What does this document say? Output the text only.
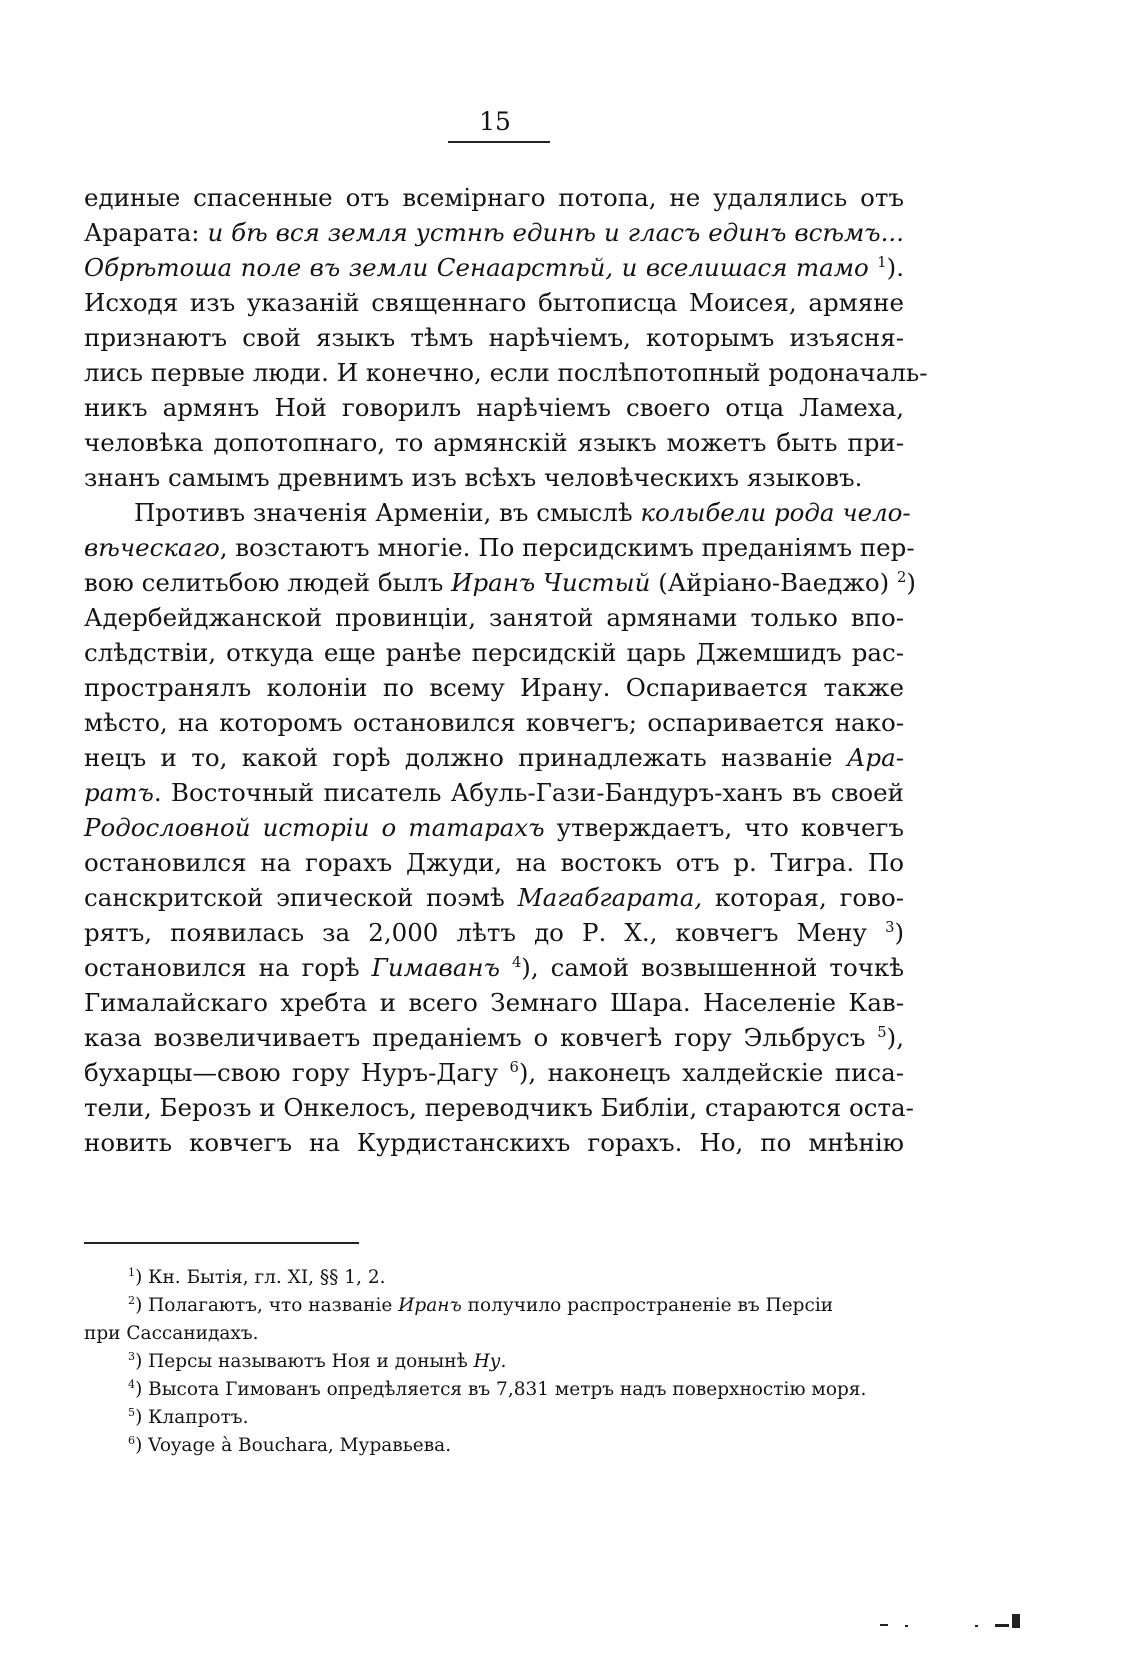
15
единые спасенные отъ всемірнаго потопа, не удалялись отъ
Арарата: и бѣ вся земля устнѣ единѣ и гласъ единъ всѣмъ...
Обрѣтоша поле въ земли Сенаарстѣй, и вселишася тамо $^1$).
Исходя изъ указаній священнаго бытописца Моисея, армяне
признаютъ свой языкъ тѣмъ нарѣчіемъ, которымъ изъясня-
лись первые люди. И конечно, если послѣпотопный родоначаль-
никъ армянъ Ной говорилъ нарѣчіемъ своего отца Ламеха,
человѣка допотопнаго, то армянскій языкъ можетъ быть при-
знанъ самымъ древнимъ изъ всѣхъ человѣческихъ языковъ.
Противъ значенія Арменіи, въ смыслѣ колыбели рода чело-
вѣческаго, возстаютъ многіе. По персидскимъ преданіямъ пер-
вою селитьбою людей былъ Иранъ Чистый (Айріано-Ваеджо) $^2$)
Адербейджанской провинціи, занятой армянами только впо-
слѣдствіи, откуда еще ранѣе персидскій царь Джемшидъ рас-
пространялъ колоніи по всему Ирану. Оспаривается также
мѣсто, на которомъ остановился ковчегъ; оспаривается нако-
нецъ и то, какой горѣ должно принадлежать названіе Ара-
ратъ. Восточный писатель Абуль-Гази-Бандуръ-ханъ въ своей
Родословной исторіи о татарахъ утверждаетъ, что ковчегъ
остановился на горахъ Джуди, на востокъ отъ р. Тигра. По
санскритской эпической поэмѣ Магабгарата, которая, гово-
рятъ, появилась за 2,000 лѣтъ до Р. Х., ковчегъ Мену $^3$)
остановился на горѣ Гимаванъ $^4$), самой возвышенной точкѣ
Гималайскаго хребта и всего Земнаго Шара. Населеніе Кав-
каза возвеличиваетъ преданіемъ о ковчегѣ гору Эльбрусъ $^5$),
бухарцы—свою гору Нуръ-Дагу $^6$), наконецъ халдейскіе писа-
тели, Берозъ и Онкелосъ, переводчикъ Библіи, стараются оста-
новить ковчегъ на Курдистанскихъ горахъ. Но, по мнѣнію
$^1$) Кн. Бытія, гл. XI, §§ 1, 2.
$^2$) Полагаютъ, что названіе Иранъ получило распространеніе въ Персіи
при Сассанидахъ.
$^3$) Персы называютъ Ноя и донынѣ Ну.
$^4$) Высота Гимованъ опредѣляется въ 7,831 метръ надъ поверхностію моря.
$^5$) Клапротъ.
$^6$) Voyage à Bouchara, Муравьева.
